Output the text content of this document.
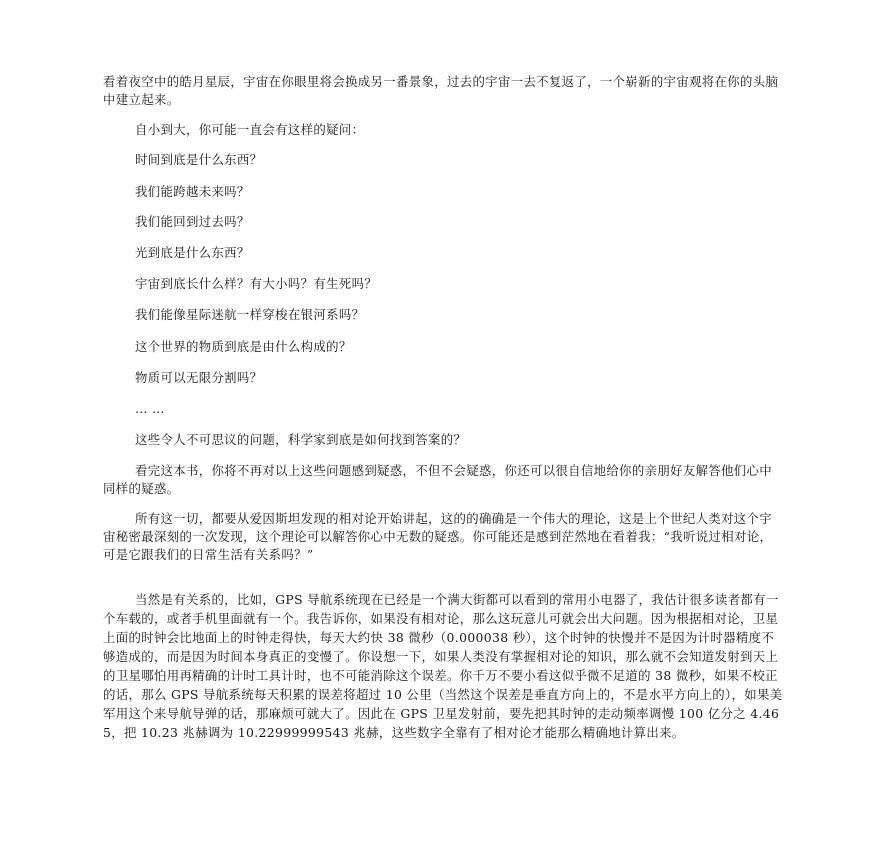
看着夜空中的皓月星辰，宇宙在你眼里将会换成另一番景象，过去的宇宙一去不复返了，一个崭新的宇宙观将在你的头脑中建立起来。

自小到大，你可能一直会有这样的疑问：

时间到底是什么东西？

我们能跨越未来吗？

我们能回到过去吗？

光到底是什么东西？

宇宙到底长什么样？有大小吗？有生死吗？

我们能像星际迷航一样穿梭在银河系吗？

这个世界的物质到底是由什么构成的？

物质可以无限分割吗？

… …

这些令人不可思议的问题，科学家到底是如何找到答案的？

看完这本书，你将不再对以上这些问题感到疑惑，不但不会疑惑，你还可以很自信地给你的亲朋好友解答他们心中同样的疑惑。

所有这一切，都要从爱因斯坦发现的相对论开始讲起，这的的确确是一个伟大的理论，这是上个世纪人类对这个宇宙秘密最深刻的一次发现，这个理论可以解答你心中无数的疑惑。你可能还是感到茫然地在看着我：“我听说过相对论，可是它跟我们的日常生活有关系吗？”

当然是有关系的，比如，GPS 导航系统现在已经是一个满大街都可以看到的常用小电器了，我估计很多读者都有一个车载的，或者手机里面就有一个。我告诉你，如果没有相对论，那么这玩意儿可就会出大问题。因为根据相对论，卫星上面的时钟会比地面上的时钟走得快，每天大约快 38 微秒（0.000038 秒），这个时钟的快慢并不是因为计时器精度不够造成的，而是因为时间本身真正的变慢了。你设想一下，如果人类没有掌握相对论的知识，那么就不会知道发射到天上的卫星哪怕用再精确的计时工具计时，也不可能消除这个误差。你千万不要小看这似乎微不足道的 38 微秒，如果不校正的话，那么 GPS 导航系统每天积累的误差将超过 10 公里（当然这个误差是垂直方向上的，不是水平方向上的），如果美军用这个来导航导弹的话，那麻烦可就大了。因此在 GPS 卫星发射前，要先把其时钟的走动频率调慢 100 亿分之 4.465，把 10.23 兆赫调为 10.22999999543 兆赫，这些数字全靠有了相对论才能那么精确地计算出来。
